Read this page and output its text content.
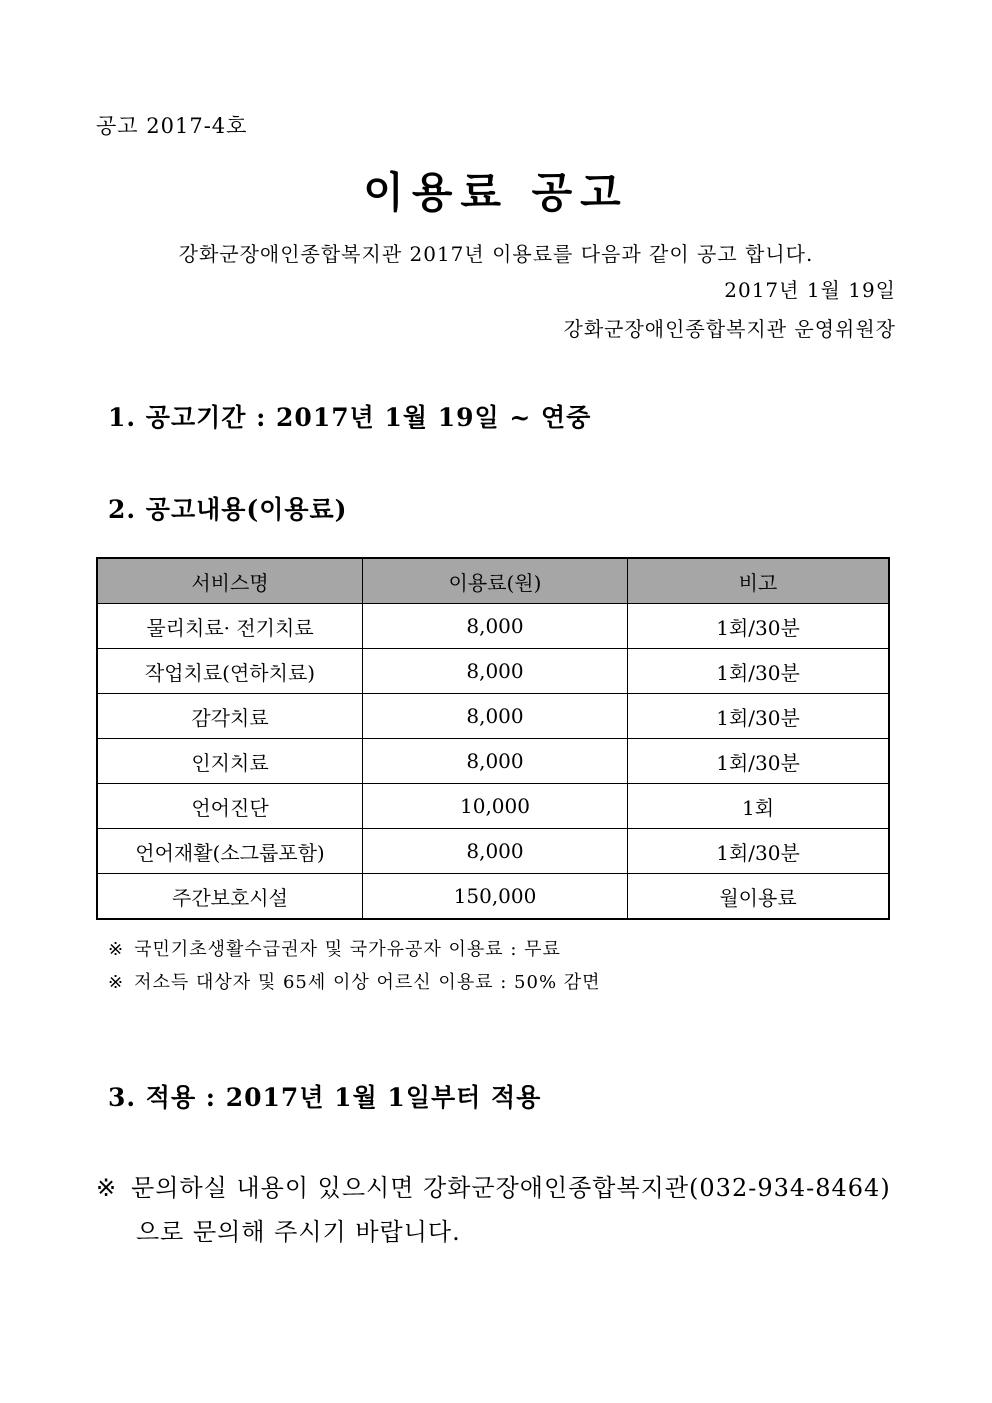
공고 2017-4호
이용료 공고
강화군장애인종합복지관 2017년 이용료를 다음과 같이 공고 합니다.
2017년 1월 19일
강화군장애인종합복지관 운영위원장
1. 공고기간 : 2017년 1월 19일 ~ 연중
2. 공고내용(이용료)
서비스명	이용료(원)	비고
물리치료· 전기치료	8,000	1회/30분
작업치료(연하치료)	8,000	1회/30분
감각치료	8,000	1회/30분
인지치료	8,000	1회/30분
언어진단	10,000	1회
언어재활(소그룹포함)	8,000	1회/30분
주간보호시설	150,000	월이용료
※ 국민기초생활수급권자 및 국가유공자 이용료 : 무료
※ 저소득 대상자 및 65세 이상 어르신 이용료 : 50% 감면
3. 적용 : 2017년 1월 1일부터 적용
※ 문의하실 내용이 있으시면 강화군장애인종합복지관(032-934-8464)
으로 문의해 주시기 바랍니다.
